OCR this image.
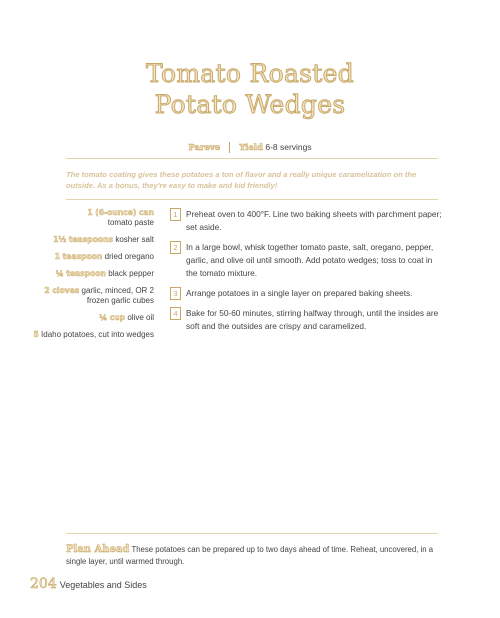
Tomato Roasted
Potato Wedges
Pareve Yield 6-8 servings
The tomato coating gives these potatoes a ton of flavor and a really unique caramelization on the outside. As a bonus, they're easy to make and kid friendly!
1 (6-ounce) can
tomato paste
1½ teaspoons kosher salt
1 teaspoon dried oregano
¼ teaspoon black pepper
2 cloves garlic, minced, OR 2 frozen garlic cubes
¼ cup olive oil
5 Idaho potatoes, cut into wedges
1	Preheat oven to 400°F. Line two baking sheets with parchment paper; set aside.
2	In a large bowl, whisk together tomato paste, salt, oregano, pepper, garlic, and olive oil until smooth. Add potato wedges; toss to coat in the tomato mixture.
3	Arrange potatoes in a single layer on prepared baking sheets.
4	Bake for 50-60 minutes, stirring halfway through, until the insides are soft and the outsides are crispy and caramelized.
Plan Ahead These potatoes can be prepared up to two days ahead of time. Reheat, uncovered, in a single layer, until warmed through.
204 Vegetables and Sides
